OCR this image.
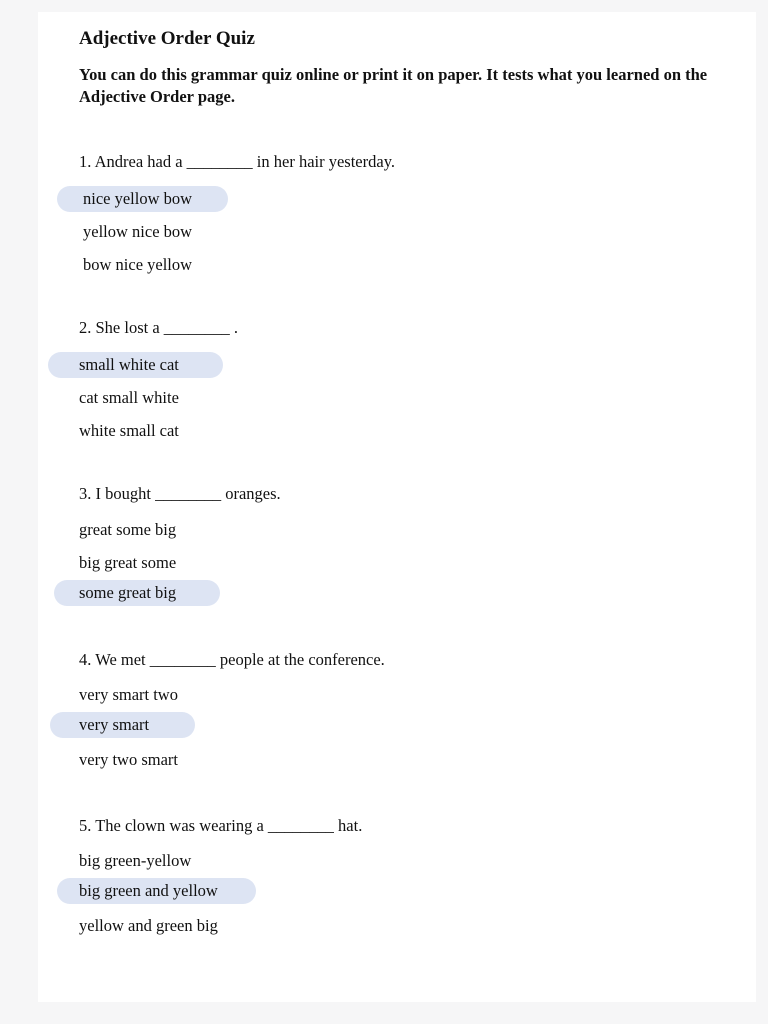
Adjective Order Quiz

You can do this grammar quiz online or print it on paper. It tests what you learned on the Adjective Order page.

1. Andrea had a ________ in her hair yesterday.
nice yellow bow
yellow nice bow
bow nice yellow
2. She lost a ________ .
small white cat
cat small white
white small cat
3. I bought ________ oranges.
great some big
big great some
some great big
4. We met ________ people at the conference.
very smart two
very smart
very two smart
5. The clown was wearing a ________ hat.
big green-yellow
big green and yellow
yellow and green big
